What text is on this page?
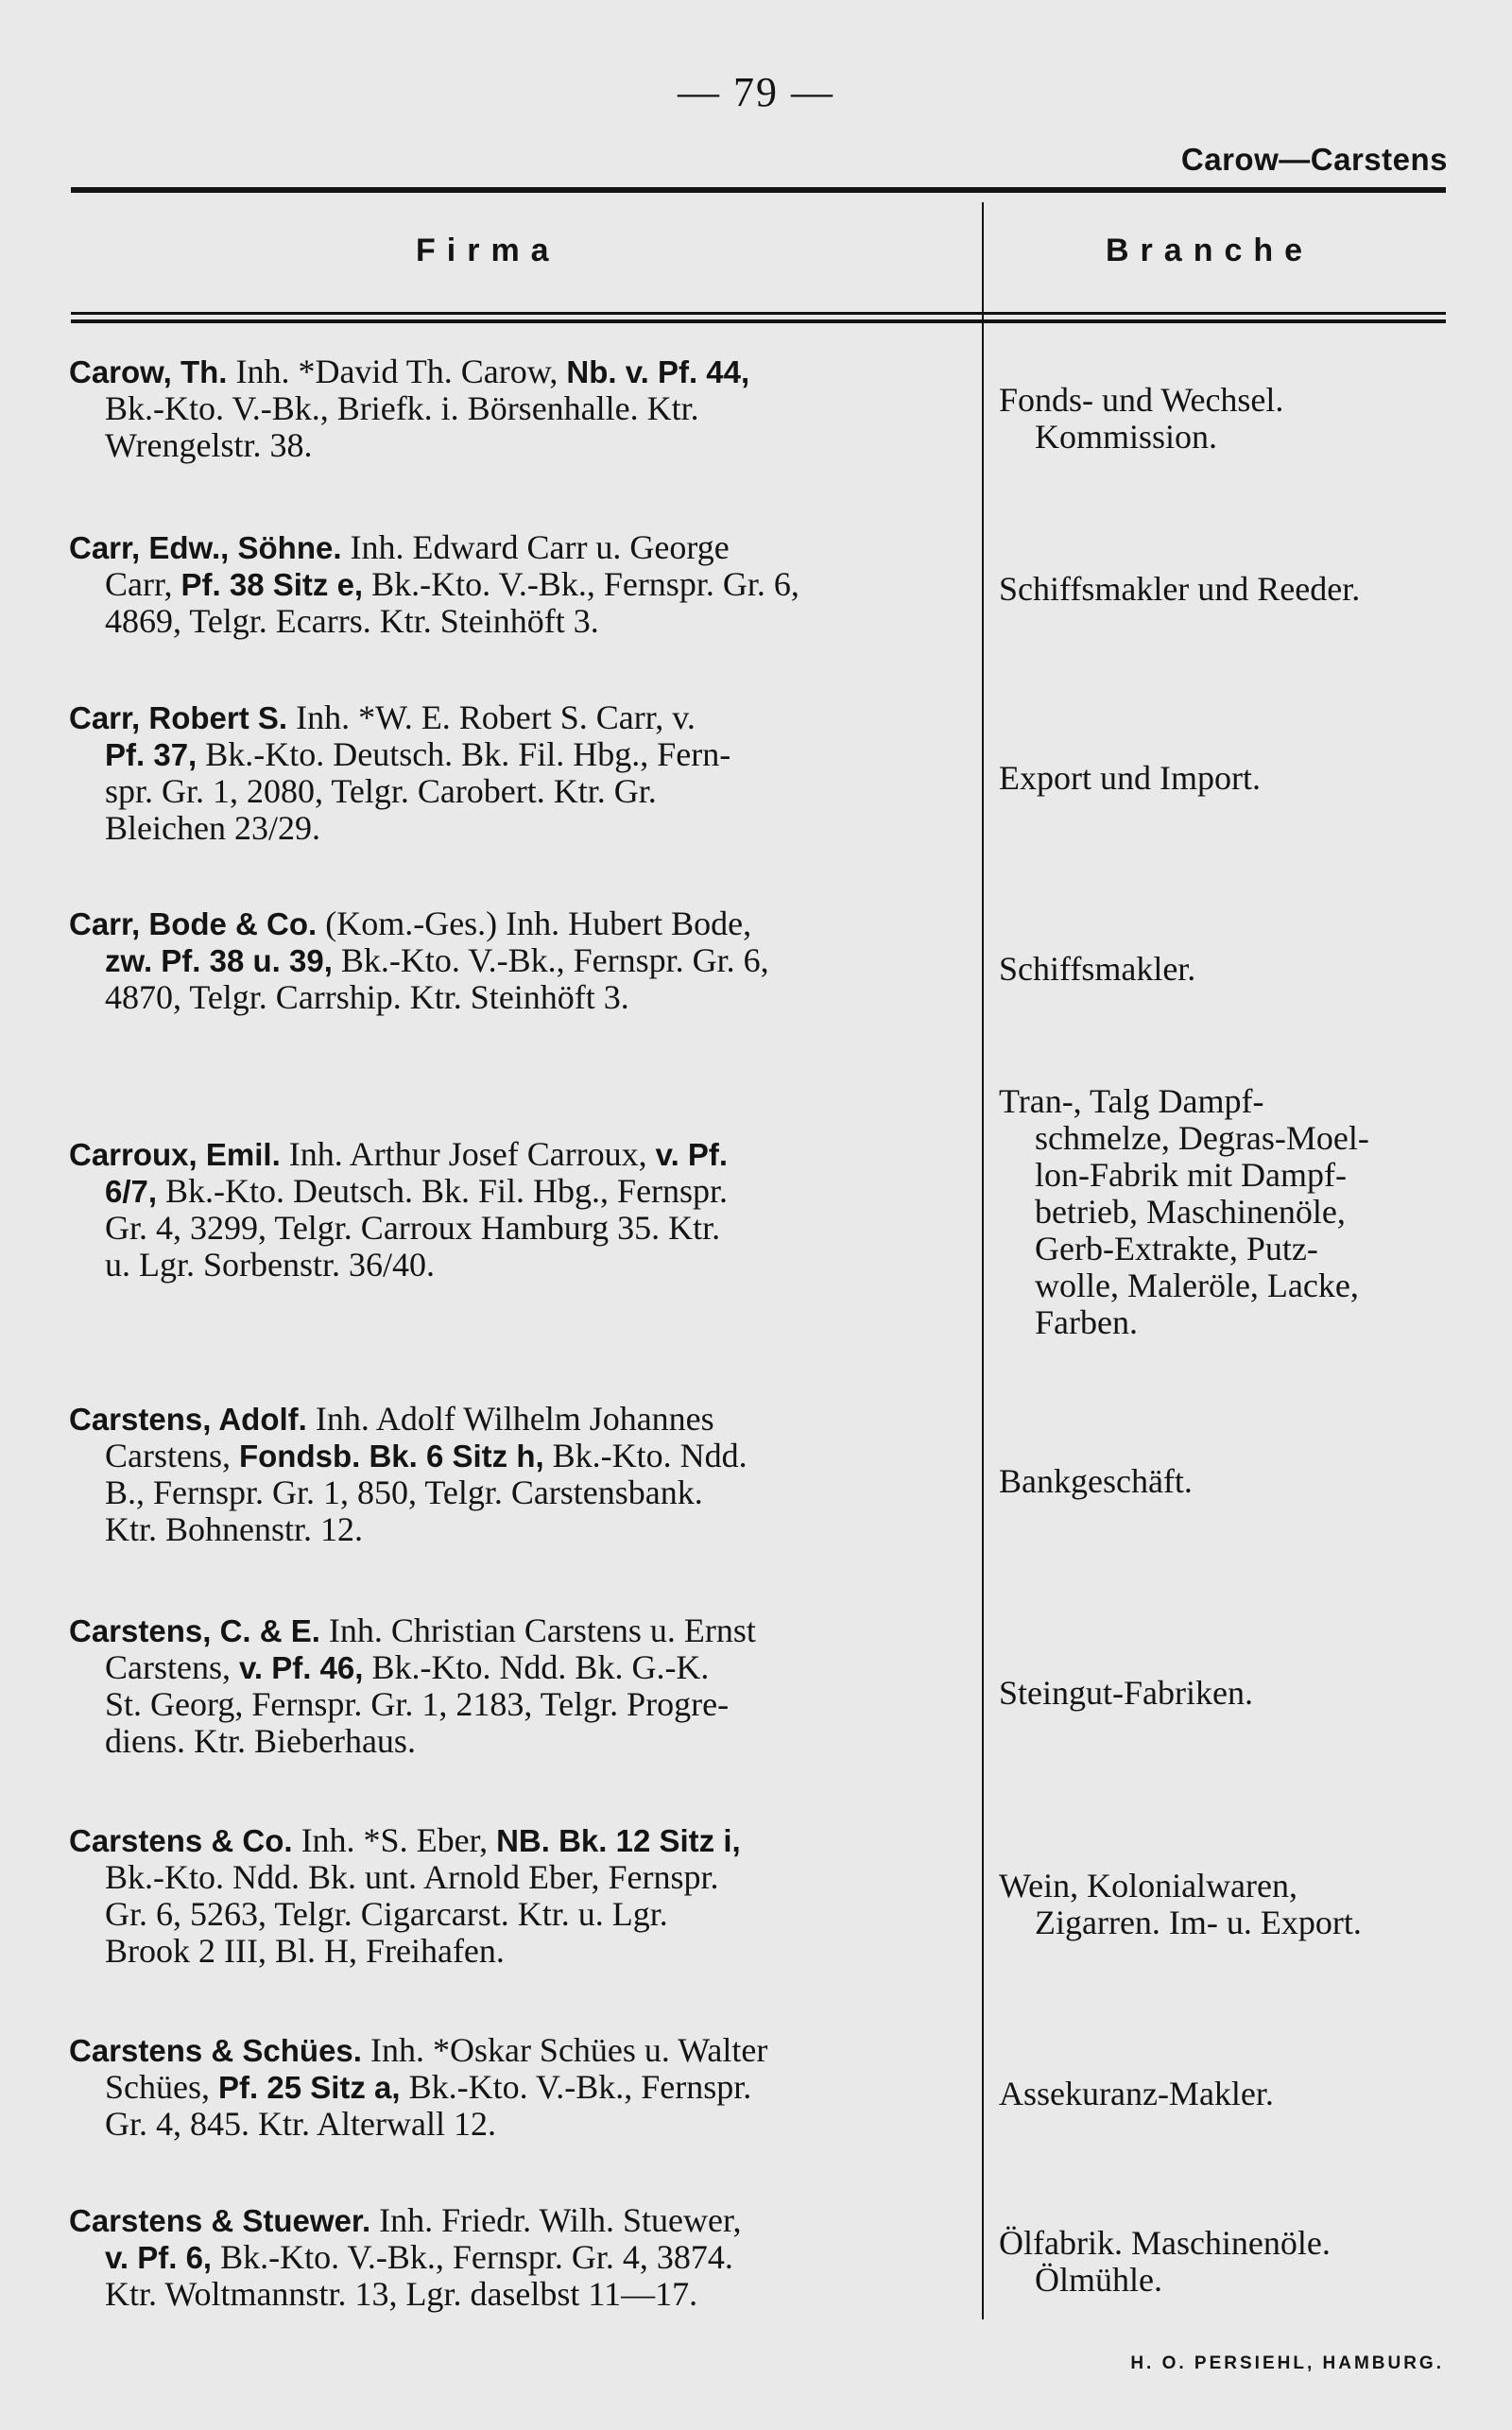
— 79 —
Carow—Carstens
Firma	Branche
Carow, Th. Inh. *David Th. Carow, Nb. v. Pf. 44,
Bk.-Kto. V.-Bk., Briefk. i. Börsenhalle. Ktr.
Wrengelstr. 38.
Fonds- und Wechsel.
Kommission.
Carr, Edw., Söhne. Inh. Edward Carr u. George
Carr, Pf. 38 Sitz e, Bk.-Kto. V.-Bk., Fernspr. Gr. 6,
4869, Telgr. Ecarrs. Ktr. Steinhöft 3.
Schiffsmakler und Reeder.
Carr, Robert S. Inh. *W. E. Robert S. Carr, v.
Pf. 37, Bk.-Kto. Deutsch. Bk. Fil. Hbg., Fern-
spr. Gr. 1, 2080, Telgr. Carobert. Ktr. Gr.
Bleichen 23/29.
Export und Import.
Carr, Bode & Co. (Kom.-Ges.) Inh. Hubert Bode,
zw. Pf. 38 u. 39, Bk.-Kto. V.-Bk., Fernspr. Gr. 6,
4870, Telgr. Carrship. Ktr. Steinhöft 3.
Schiffsmakler.
Carroux, Emil. Inh. Arthur Josef Carroux, v. Pf.
6/7, Bk.-Kto. Deutsch. Bk. Fil. Hbg., Fernspr.
Gr. 4, 3299, Telgr. Carroux Hamburg 35. Ktr.
u. Lgr. Sorbenstr. 36/40.
Tran-, Talg Dampf-
schmelze, Degras-Moel-
lon-Fabrik mit Dampf-
betrieb, Maschinenöle,
Gerb-Extrakte, Putz-
wolle, Maleröle, Lacke,
Farben.
Carstens, Adolf. Inh. Adolf Wilhelm Johannes
Carstens, Fondsb. Bk. 6 Sitz h, Bk.-Kto. Ndd.
B., Fernspr. Gr. 1, 850, Telgr. Carstensbank.
Ktr. Bohnenstr. 12.
Bankgeschäft.
Carstens, C. & E. Inh. Christian Carstens u. Ernst
Carstens, v. Pf. 46, Bk.-Kto. Ndd. Bk. G.-K.
St. Georg, Fernspr. Gr. 1, 2183, Telgr. Progre-
diens. Ktr. Bieberhaus.
Steingut-Fabriken.
Carstens & Co. Inh. *S. Eber, NB. Bk. 12 Sitz i,
Bk.-Kto. Ndd. Bk. unt. Arnold Eber, Fernspr.
Gr. 6, 5263, Telgr. Cigarcarst. Ktr. u. Lgr.
Brook 2 III, Bl. H, Freihafen.
Wein, Kolonialwaren,
Zigarren. Im- u. Export.
Carstens & Schües. Inh. *Oskar Schües u. Walter
Schües, Pf. 25 Sitz a, Bk.-Kto. V.-Bk., Fernspr.
Gr. 4, 845. Ktr. Alterwall 12.
Assekuranz-Makler.
Carstens & Stuewer. Inh. Friedr. Wilh. Stuewer,
v. Pf. 6, Bk.-Kto. V.-Bk., Fernspr. Gr. 4, 3874.
Ktr. Woltmannstr. 13, Lgr. daselbst 11—17.
Ölfabrik. Maschinenöle.
Ölmühle.
H. O. PERSIEHL, HAMBURG.
